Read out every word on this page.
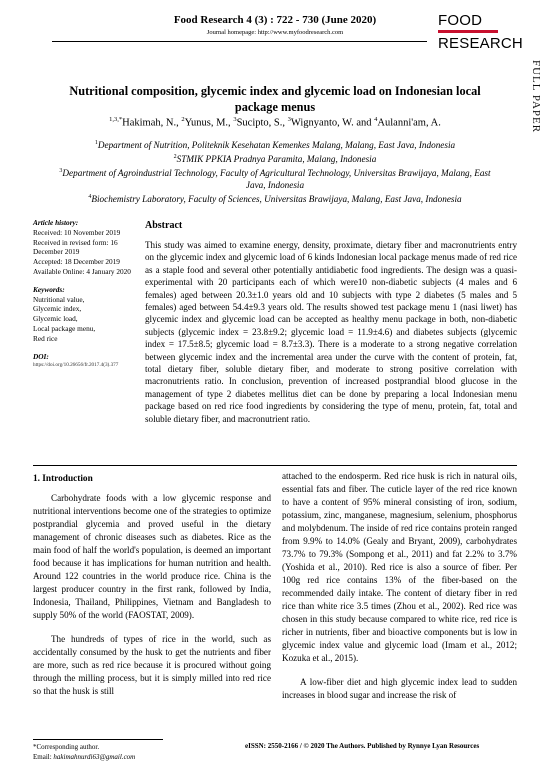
Food Research 4 (3) : 722 - 730 (June 2020)
Journal homepage: http://www.myfoodresearch.com
FOOD
RESEARCH
FULL PAPER
Nutritional composition, glycemic index and glycemic load on Indonesian local package menus
$^{1,3,*}$Hakimah, N., $^2$Yunus, M., $^3$Sucipto, S., $^3$Wignyanto, W. and $^4$Aulanni'am, A.

$^1$Department of Nutrition, Politeknik Kesehatan Kemenkes Malang, Malang, East Java, Indonesia

$^2$STMIK PPKIA Pradnya Paramita, Malang, Indonesia

$^3$Department of Agroindustrial Technology, Faculty of Agricultural Technology, Universitas Brawijaya, Malang, East Java, Indonesia

$^4$Biochemistry Laboratory, Faculty of Sciences, Universitas Brawijaya, Malang, East Java, Indonesia

Article history:
Received: 10 November 2019
Received in revised form: 16 December 2019
Accepted: 18 December 2019
Available Online: 4 January 2020
Keywords:
Nutritional value,
Glycemic index,
Glycemic load,
Local package menu,
Red rice
DOI:
https://doi.org/10.26656/fr.2017.4(3).377
Abstract
This study was aimed to examine energy, density, proximate, dietary fiber and macronutrients entry on the glycemic index and glycemic load of 6 kinds Indonesian local package menus made of red rice as a staple food and several other potentially antidiabetic food ingredients. The design was a quasi-experimental with 20 participants each of which were10 non-diabetic subjects (4 males and 6 females) aged between 20.3±1.0 years old and 10 subjects with type 2 diabetes (5 males and 5 females) aged between 54.4±9.3 years old. The results showed test package menu 1 (nasi liwet) has glycemic index and glycemic load can be accepted as healthy menu package in both, non-diabetic subjects (glycemic index = 23.8±9.2; glycemic load = 11.9±4.6) and diabetes subjects (glycemic index = 17.5±8.5; glycemic load = 8.7±3.3). There is a moderate to a strong negative correlation between glycemic index and the incremental area under the curve with the content of protein, fat, total dietary fiber, soluble dietary fiber, and moderate to strong positive correlation with macronutrients ratio. In conclusion, prevention of increased postprandial blood glucose in the management of type 2 diabetes mellitus diet can be done by preparing a local Indonesian menu package based on red rice food ingredients by considering the type of menu, protein, fat, total and soluble dietary fiber, and macronutrient ratio.
1. Introduction

Carbohydrate foods with a low glycemic response and nutritional interventions become one of the strategies to optimize postprandial glycemia and proved useful in the dietary management of chronic diseases such as diabetes. Rice as the main food of half the world's population, is deemed an important food because it has implications for human nutrition and health. Around 122 countries in the world produce rice. China is the largest producer country in the first rank, followed by India, Indonesia, Thailand, Philippines, Vietnam and Bangladesh to supply 50% of the world (FAOSTAT, 2009).

The hundreds of types of rice in the world, such as accidentally consumed by the husk to get the nutrients and fiber are more, such as red rice because it is procured without going through the milling process, but it is simply milled into red rice so that the husk is still

attached to the endosperm. Red rice husk is rich in natural oils, essential fats and fiber. The cuticle layer of the red rice known to have a content of 95% mineral consisting of iron, sodium, potassium, zinc, manganese, magnesium, selenium, phosphorus and molybdenum. The inside of red rice contains protein ranged from 9.9% to 14.0% (Gealy and Bryant, 2009), carbohydrates 73.7% to 79.3% (Sompong et al., 2011) and fat 2.2% to 3.7% (Yoshida et al., 2010). Red rice is also a source of fiber. Per 100g red rice contains 13% of the fiber-based on the recommended daily intake. The content of dietary fiber in red rice than white rice 3.5 times (Zhou et al., 2002). Red rice was chosen in this study because compared to white rice, red rice is richer in nutrients, fiber and bioactive components but is low in glycemic index value and glycemic load (Imam et al., 2012; Kozuka et al., 2015).

A low-fiber diet and high glycemic index lead to sudden increases in blood sugar and increase the risk of

*Corresponding author.
Email: hakimahnurdi63@gmail.com
eISSN: 2550-2166 / © 2020 The Authors. Published by Rynnye Lyan Resources
